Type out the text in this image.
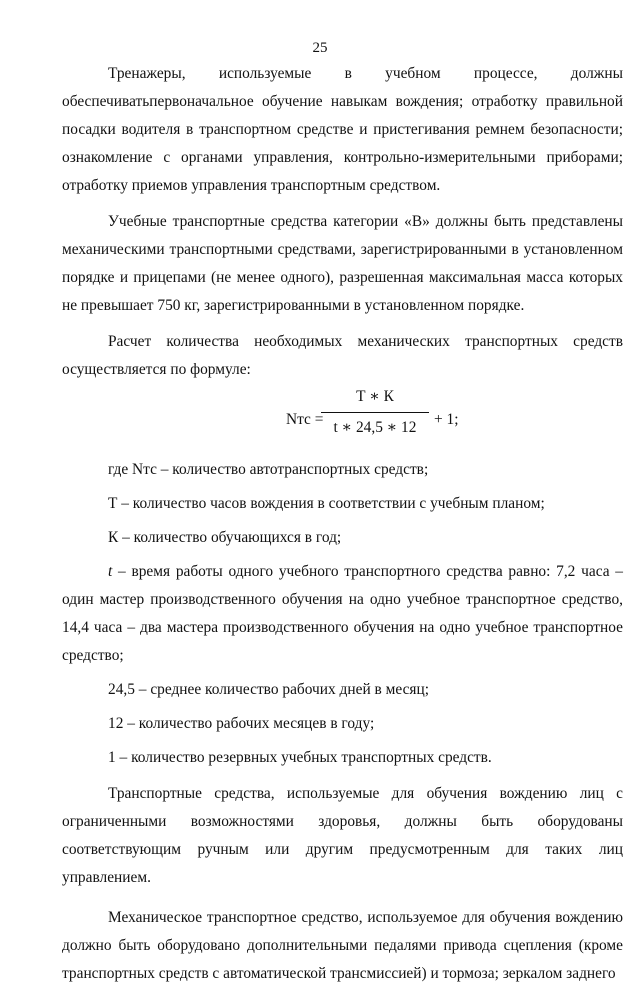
25

Тренажеры, используемые в учебном процессе, должны обеспечиватьпервоначальное обучение навыкам вождения; отработку правильной посадки водителя в транспортном средстве и пристегивания ремнем безопасности; ознакомление с органами управления, контрольно-измерительными приборами; отработку приемов управления транспортным средством.

Учебные транспортные средства категории «В» должны быть представлены механическими транспортными средствами, зарегистрированными в установленном порядке и прицепами (не менее одного), разрешенная максимальная масса которых не превышает 750 кг, зарегистрированными в установленном порядке.

Расчет количества необходимых механических транспортных средств осуществляется по формуле:

Nтс =
Т ∗ К
t ∗ 24,5 ∗ 12	+ 1;

где Nтс – количество автотранспортных средств;

Т – количество часов вождения в соответствии с учебным планом;

К – количество обучающихся в год;

t – время работы одного учебного транспортного средства равно: 7,2 часа – один мастер производственного обучения на одно учебное транспортное средство, 14,4 часа – два мастера производственного обучения на одно учебное транспортное средство;

24,5 – среднее количество рабочих дней в месяц;

12 – количество рабочих месяцев в году;

1 – количество резервных учебных транспортных средств.

Транспортные средства, используемые для обучения вождению лиц с ограниченными возможностями здоровья, должны быть оборудованы соответствующим ручным или другим предусмотренным для таких лиц управлением.

Механическое транспортное средство, используемое для обучения вождению должно быть оборудовано дополнительными педалями привода сцепления (кроме транспортных средств с автоматической трансмиссией) и тормоза; зеркалом заднего
